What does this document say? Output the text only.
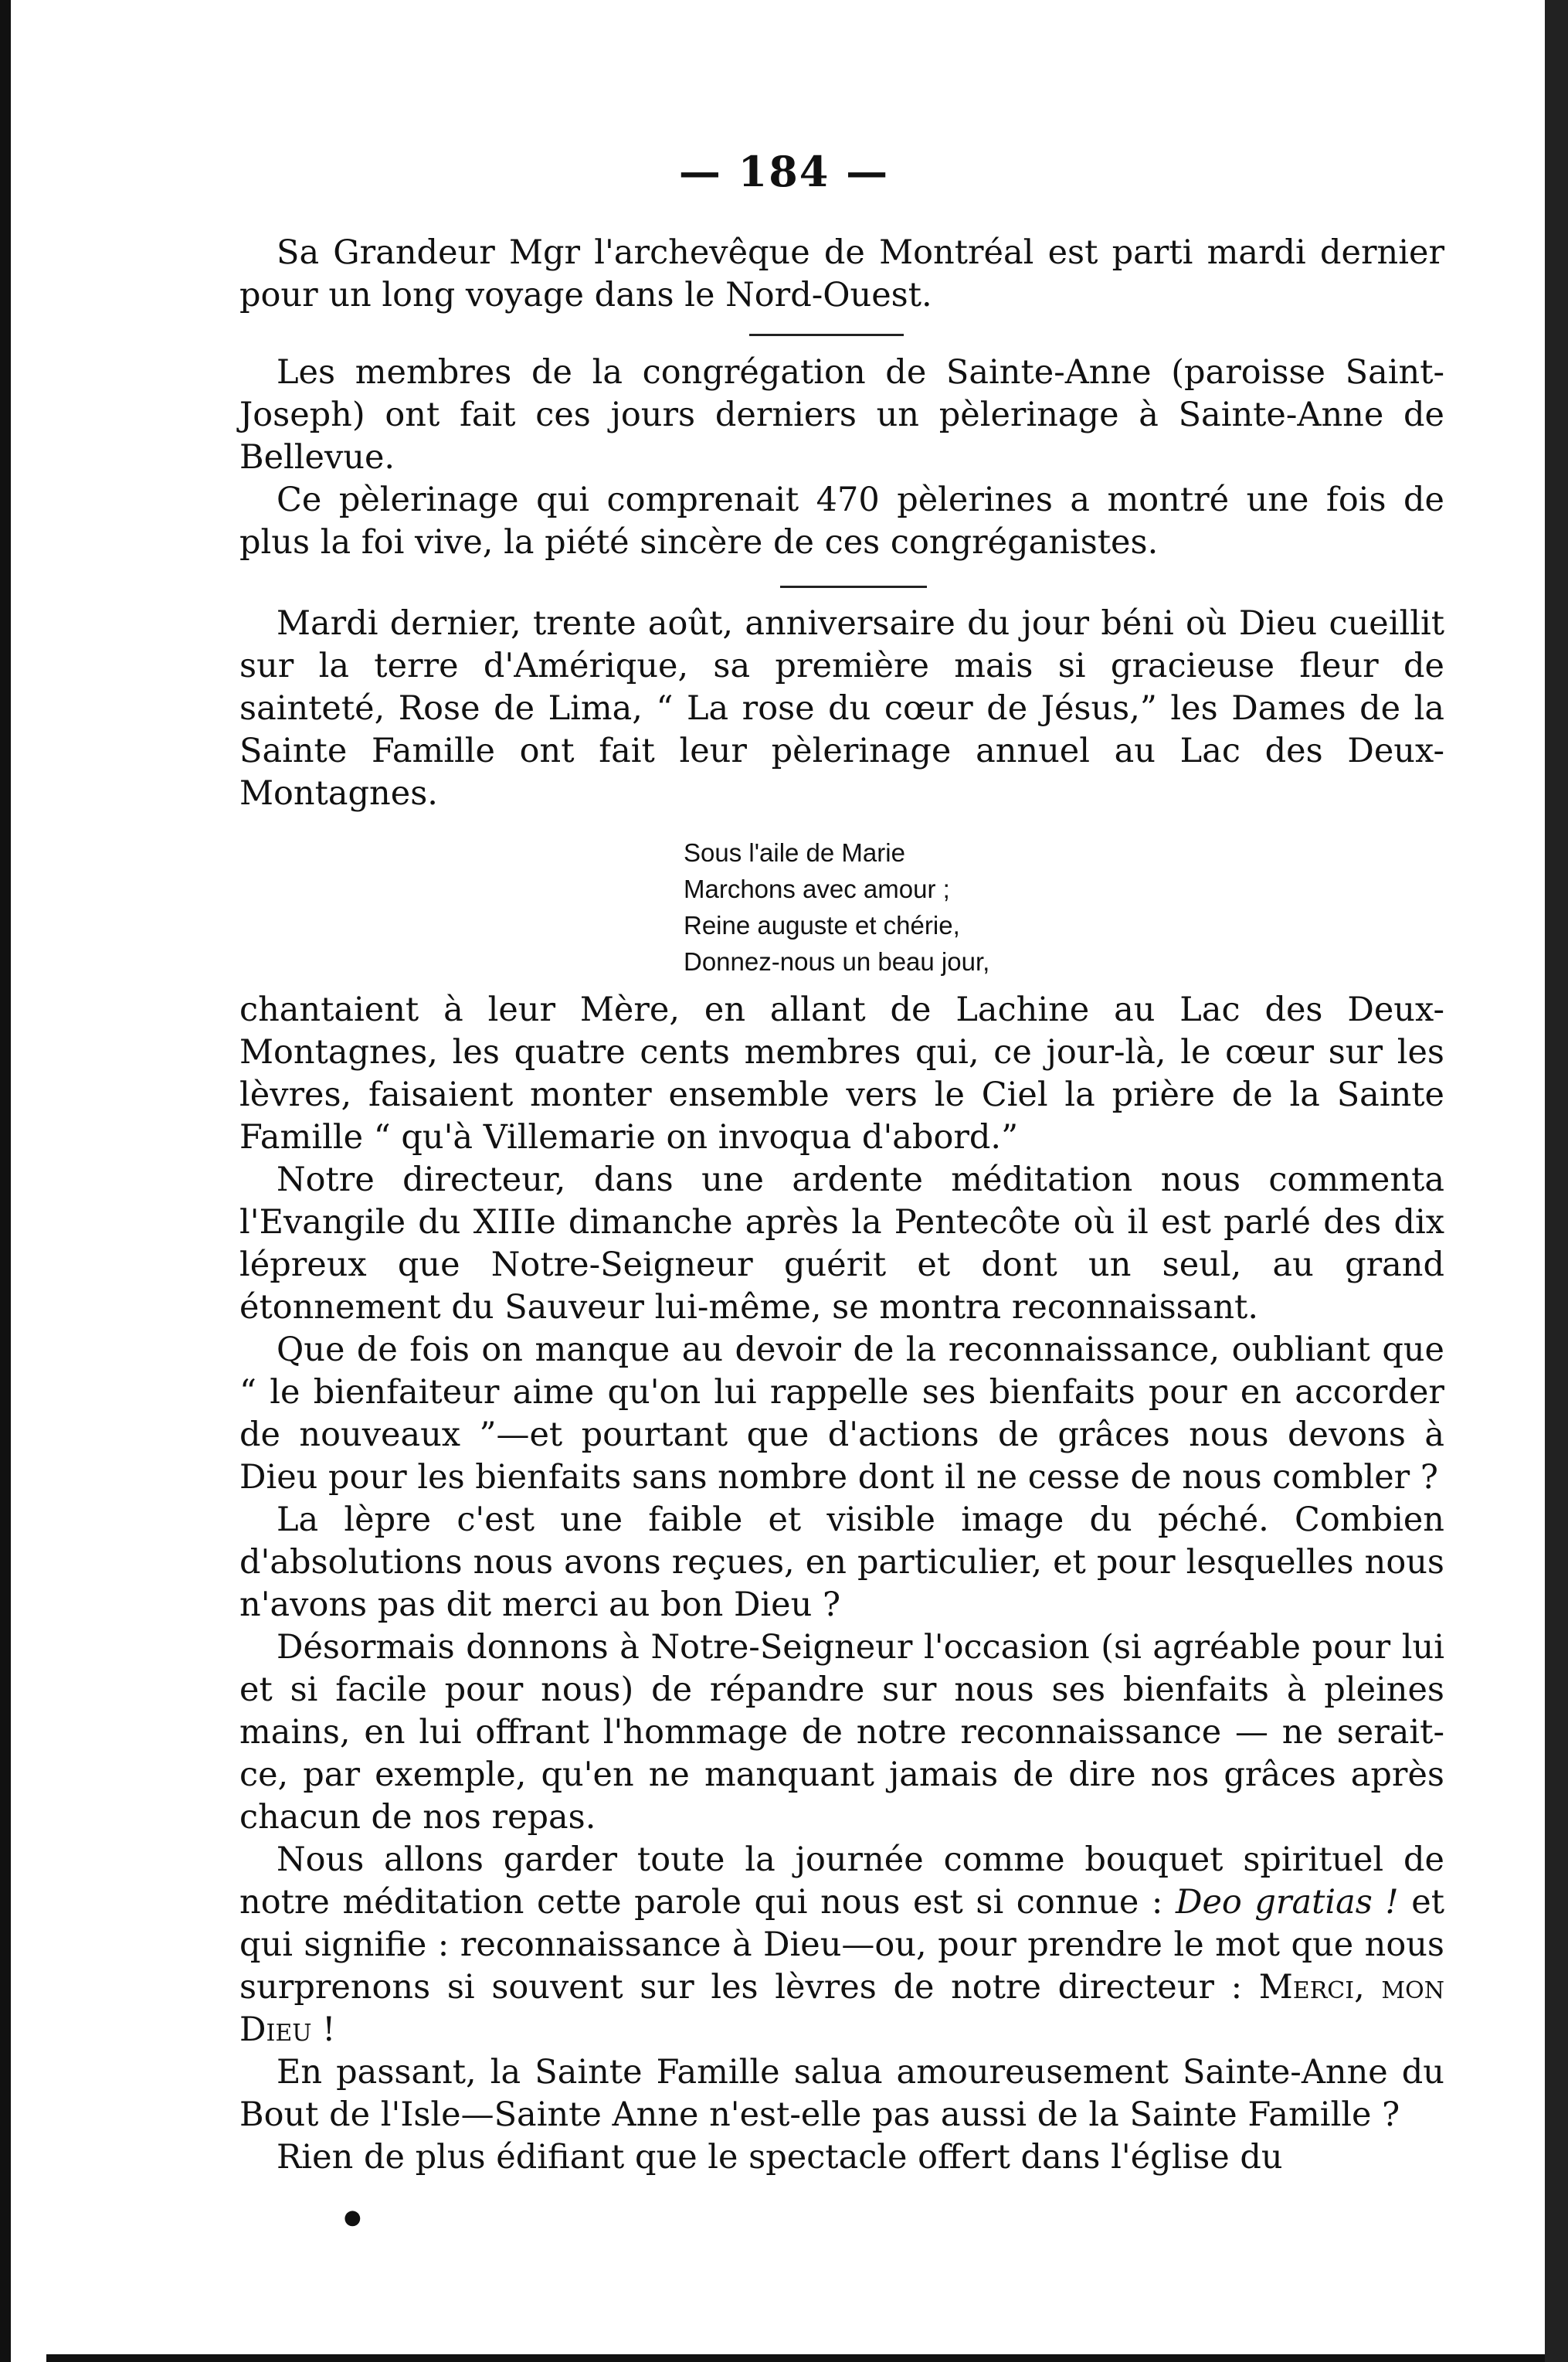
— 184 —

Sa Grandeur Mgr l'archevêque de Montréal est parti mardi dernier pour un long voyage dans le Nord-Ouest.

Les membres de la congrégation de Sainte-Anne (paroisse Saint-Joseph) ont fait ces jours derniers un pèlerinage à Sainte-Anne de Bellevue.

Ce pèlerinage qui comprenait 470 pèlerines a montré une fois de plus la foi vive, la piété sincère de ces congréganistes.

Mardi dernier, trente août, anniversaire du jour béni où Dieu cueillit sur la terre d'Amérique, sa première mais si gracieuse fleur de sainteté, Rose de Lima, “ La rose du cœur de Jésus,” les Dames de la Sainte Famille ont fait leur pèlerinage annuel au Lac des Deux-Montagnes.

Sous l'aile de Marie
Marchons avec amour ;
Reine auguste et chérie,
Donnez-nous un beau jour,

chantaient à leur Mère, en allant de Lachine au Lac des Deux-Montagnes, les quatre cents membres qui, ce jour-là, le cœur sur les lèvres, faisaient monter ensemble vers le Ciel la prière de la Sainte Famille “ qu'à Villemarie on invoqua d'abord.”

Notre directeur, dans une ardente méditation nous commenta l'Evangile du XIIIe dimanche après la Pentecôte où il est parlé des dix lépreux que Notre-Seigneur guérit et dont un seul, au grand étonnement du Sauveur lui-même, se montra reconnaissant.

Que de fois on manque au devoir de la reconnaissance, oubliant que “ le bienfaiteur aime qu'on lui rappelle ses bienfaits pour en accorder de nouveaux ”—et pourtant que d'actions de grâces nous devons à Dieu pour les bienfaits sans nombre dont il ne cesse de nous combler ?

La lèpre c'est une faible et visible image du péché. Combien d'absolutions nous avons reçues, en particulier, et pour lesquelles nous n'avons pas dit merci au bon Dieu ?

Désormais donnons à Notre-Seigneur l'occasion (si agréable pour lui et si facile pour nous) de répandre sur nous ses bienfaits à pleines mains, en lui offrant l'hommage de notre reconnaissance — ne serait-ce, par exemple, qu'en ne manquant jamais de dire nos grâces après chacun de nos repas.

Nous allons garder toute la journée comme bouquet spirituel de notre méditation cette parole qui nous est si connue : Deo gratias ! et qui signifie : reconnaissance à Dieu—ou, pour prendre le mot que nous surprenons si souvent sur les lèvres de notre directeur : Merci, mon Dieu !

En passant, la Sainte Famille salua amoureusement Sainte-Anne du Bout de l'Isle—Sainte Anne n'est-elle pas aussi de la Sainte Famille ?

Rien de plus édifiant que le spectacle offert dans l'église du

●
